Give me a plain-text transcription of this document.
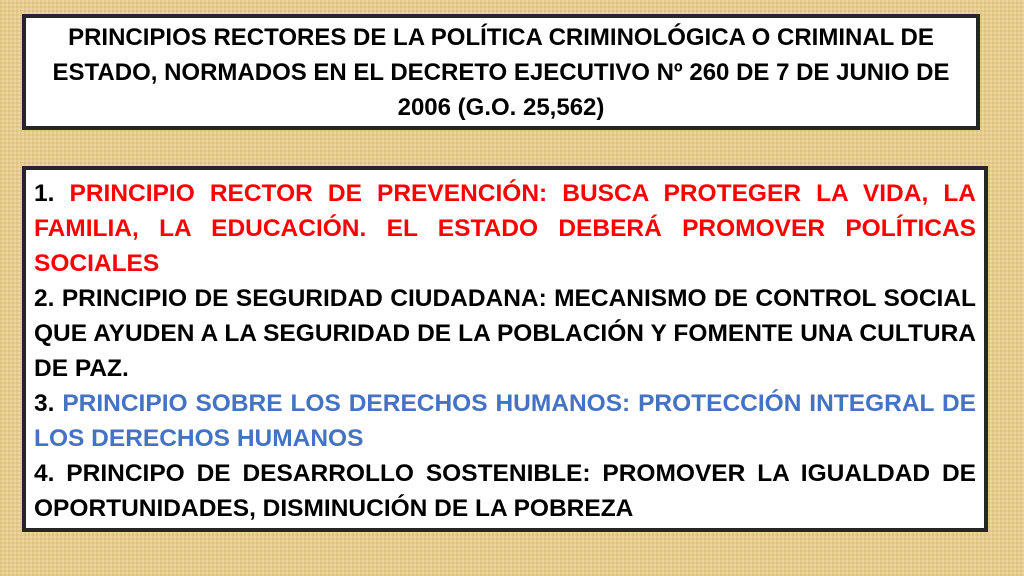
PRINCIPIOS RECTORES DE LA POLÍTICA CRIMINOLÓGICA O CRIMINAL DE ESTADO, NORMADOS EN EL DECRETO EJECUTIVO Nº 260 DE 7 DE JUNIO DE 2006 (G.O. 25,562)

1. PRINCIPIO RECTOR DE PREVENCIÓN: BUSCA PROTEGER LA VIDA, LA FAMILIA, LA EDUCACIÓN. EL ESTADO DEBERÁ PROMOVER POLÍTICAS SOCIALES

2. PRINCIPIO DE SEGURIDAD CIUDADANA: MECANISMO DE CONTROL SOCIAL QUE AYUDEN A LA SEGURIDAD DE LA POBLACIÓN Y FOMENTE UNA CULTURA DE PAZ.

3. PRINCIPIO SOBRE LOS DERECHOS HUMANOS: PROTECCIÓN INTEGRAL DE LOS DERECHOS HUMANOS

4. PRINCIPO DE DESARROLLO SOSTENIBLE: PROMOVER LA IGUALDAD DE OPORTUNIDADES, DISMINUCIÓN DE LA POBREZA
